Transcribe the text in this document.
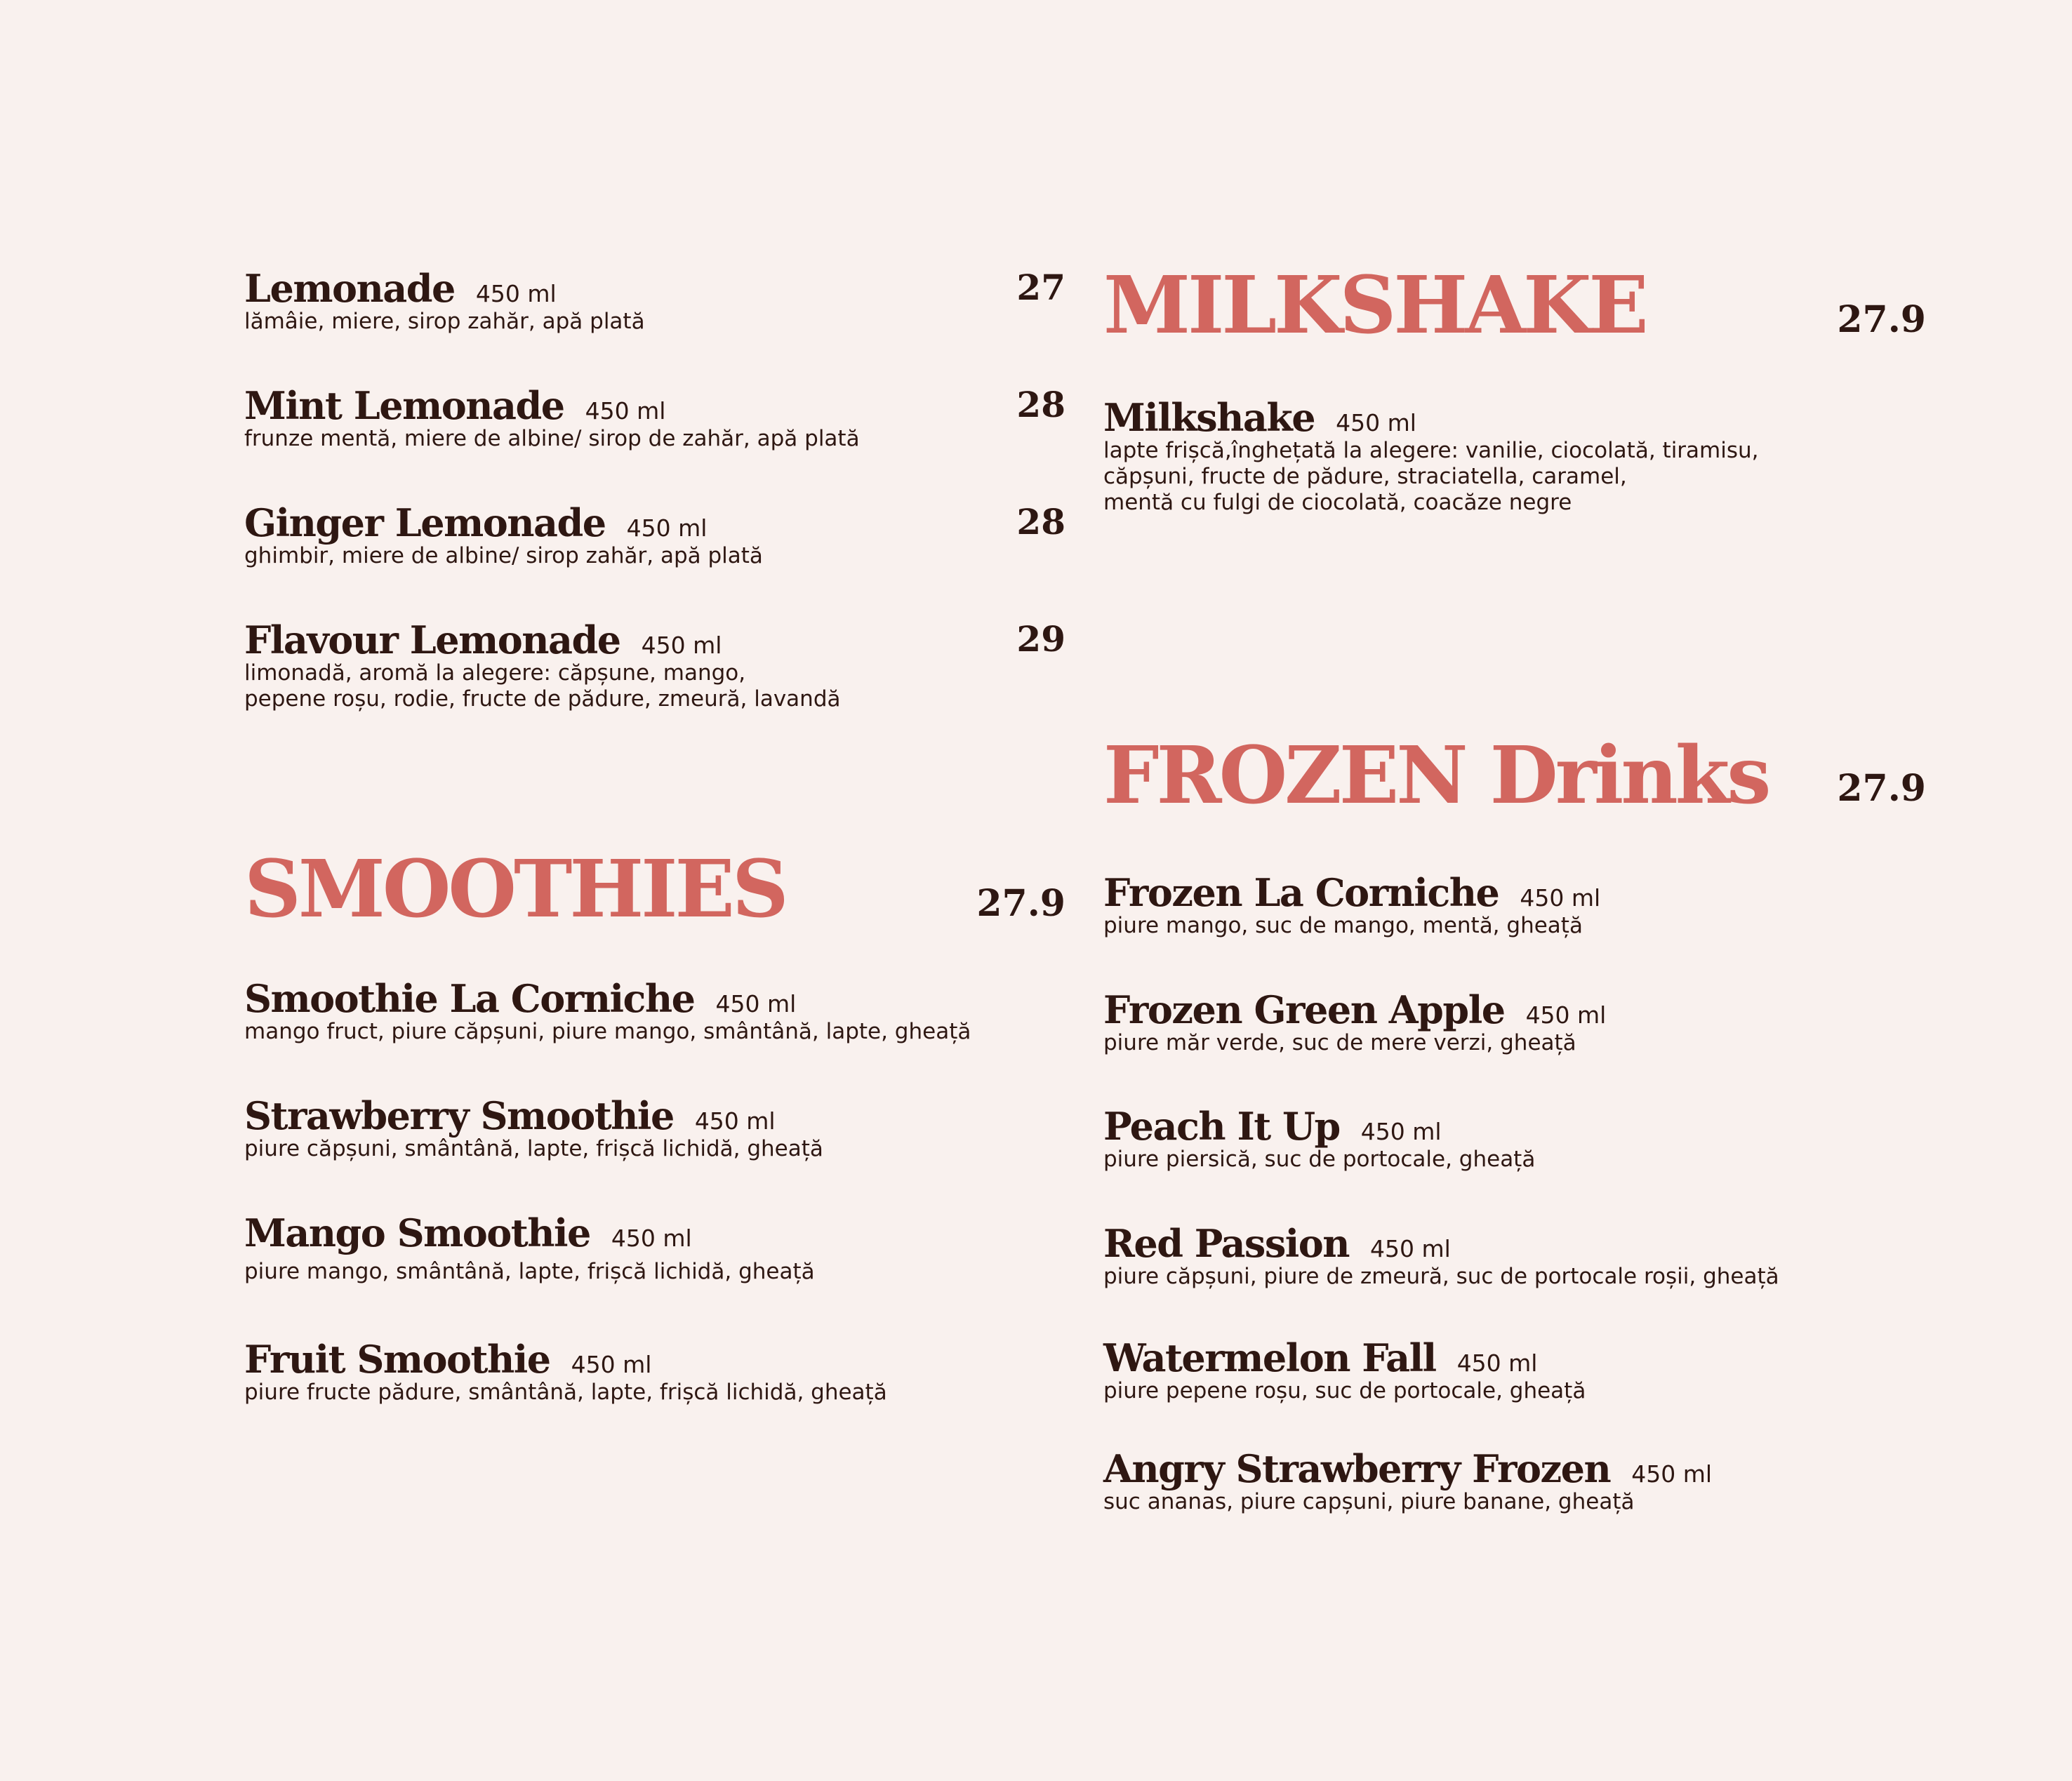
Lemonade 450 ml
lămâie, miere, sirop zahăr, apă plată
27
Mint Lemonade 450 ml
frunze mentă, miere de albine/ sirop de zahăr, apă plată
28
Ginger Lemonade 450 ml
ghimbir, miere de albine/ sirop zahăr, apă plată
28
Flavour Lemonade 450 ml
limonadă, aromă la alegere: căpșune, mango,
pepene roșu, rodie, fructe de pădure, zmeură, lavandă
29
SMOOTHIES	27.9
Smoothie La Corniche 450 ml
mango fruct, piure căpșuni, piure mango, smântână, lapte, gheață
Strawberry Smoothie 450 ml
piure căpșuni, smântână, lapte, frișcă lichidă, gheață
Mango Smoothie 450 ml
piure mango, smântână, lapte, frișcă lichidă, gheață
Fruit Smoothie 450 ml
piure fructe pădure, smântână, lapte, frișcă lichidă, gheață
MILKSHAKE	27.9
Milkshake 450 ml
lapte frișcă,înghețată la alegere: vanilie, ciocolată, tiramisu,
căpșuni, fructe de pădure, straciatella, caramel,
mentă cu fulgi de ciocolată, coacăze negre
FROZEN Drinks 27.9
Frozen La Corniche 450 ml
piure mango, suc de mango, mentă, gheață
Frozen Green Apple 450 ml
piure măr verde, suc de mere verzi, gheață
Peach It Up 450 ml
piure piersică, suc de portocale, gheață
Red Passion 450 ml
piure căpșuni, piure de zmeură, suc de portocale roșii, gheață
Watermelon Fall 450 ml
piure pepene roșu, suc de portocale, gheață
Angry Strawberry Frozen 450 ml
suc ananas, piure capșuni, piure banane, gheață
